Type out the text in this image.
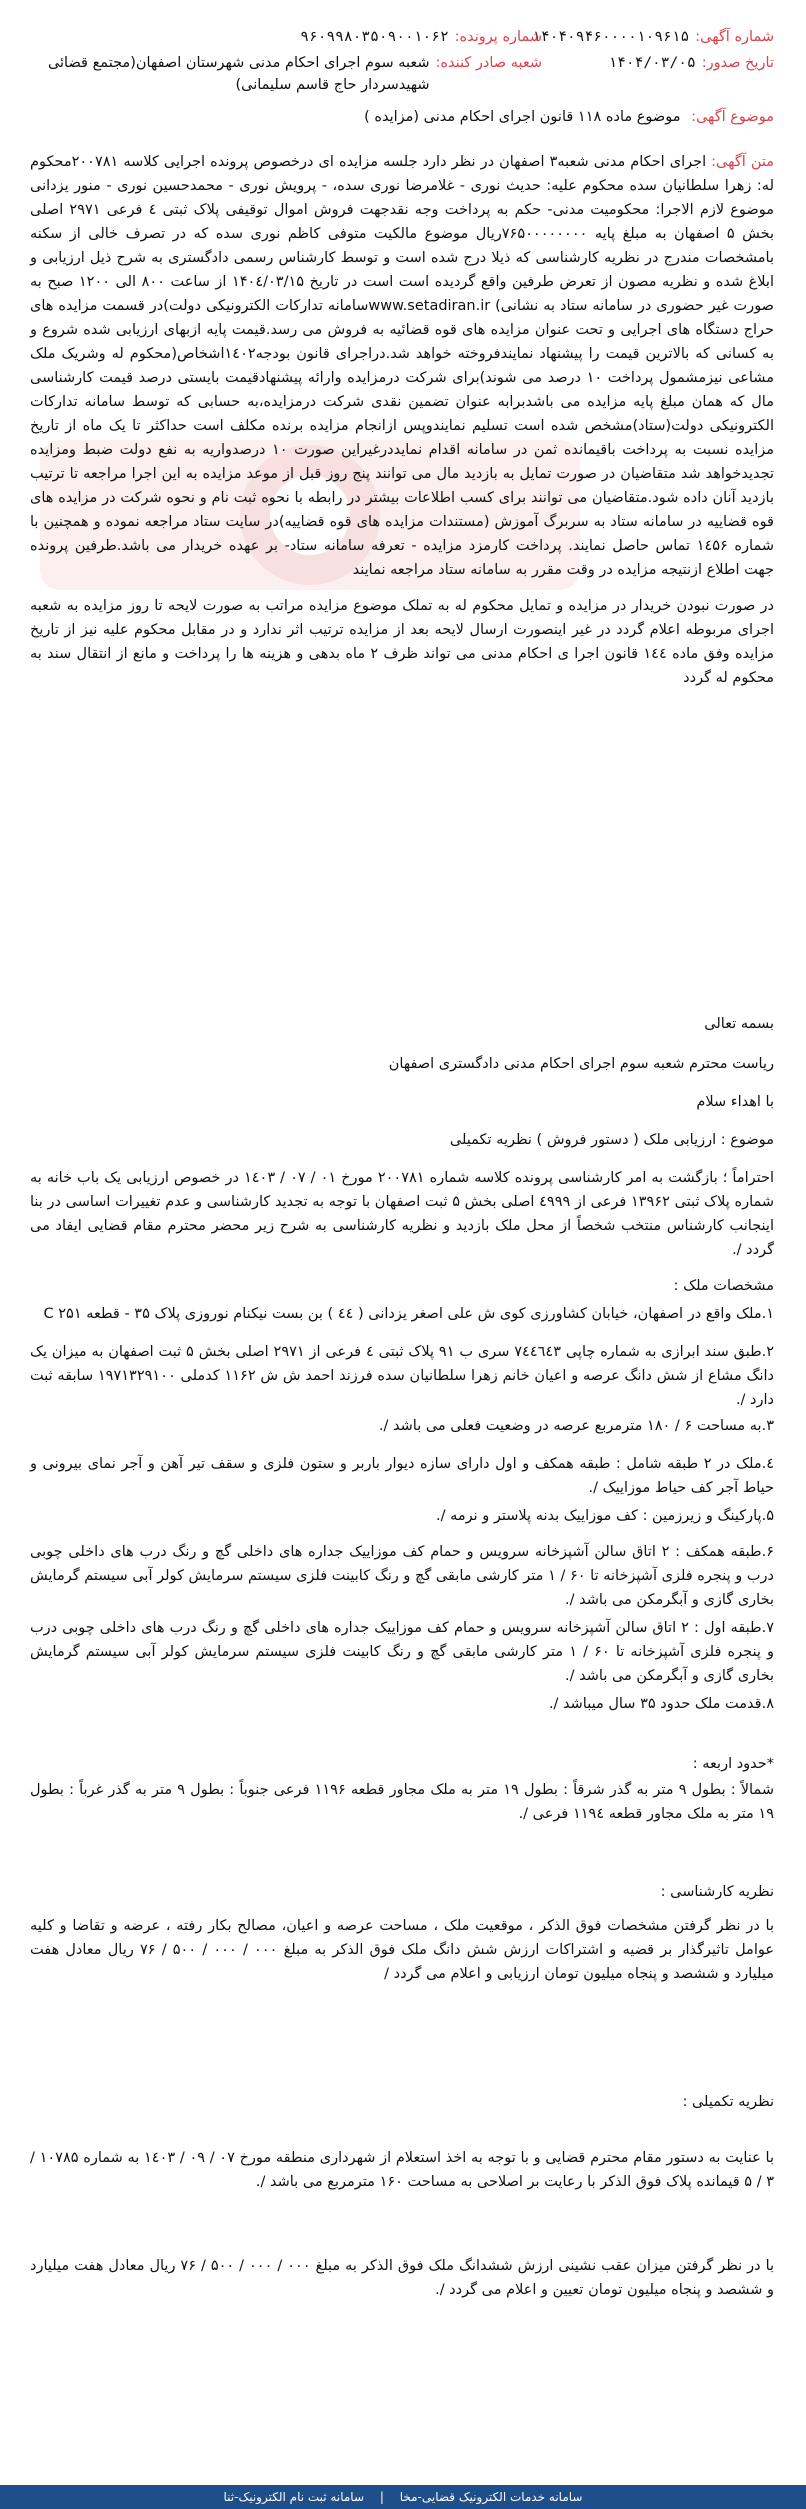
شماره آگهی:
۱۴۰۴۰۹۴۶۰۰۰۰۱۰۹۶۱۵
شماره پرونده:
۹۶۰۹۹۸۰۳۵۰۹۰۰۱۰۶۲
تاریخ صدور:
۱۴۰۴/۰۳/۰۵
شعبه صادر کننده:
شعبه سوم اجرای احکام مدنی شهرستان اصفهان(مجتمع قضائی شهیدسردار حاج قاسم سلیمانی)
موضوع آگهی: موضوع ماده ۱۱۸ قانون اجرای احکام مدنی (مزایده )

متن آگهی: اجرای احکام مدنی شعبه۳ اصفهان در نظر دارد جلسه مزایده ای درخصوص پرونده اجرایی کلاسه ۲۰۰۷۸۱محکوم له: زهرا سلطانیان سده محکوم علیه: حدیث نوری - غلامرضا نوری سده، - پرویش نوری - محمدحسین نوری - منور یزدانی موضوع لازم الاجرا: محکومیت مدنی- حکم به پرداخت وجه نقدجهت فروش اموال توقیفی پلاک ثبتی ٤ فرعی ۲۹۷۱ اصلی بخش ۵ اصفهان به مبلغ پایه ۷۶۵۰۰۰۰۰۰۰۰ریال موضوع مالکیت متوفی کاظم نوری سده که در تصرف خالی از سکنه بامشخصات مندرج در نظریه کارشناسی که ذیلا درج شده است و توسط کارشناس رسمی دادگستری به شرح ذیل ارزیابی و ابلاغ شده و نظریه مصون از تعرض طرفین واقع گردیده است است در تاریخ ۱۴۰٤/۰۳/۱۵ از ساعت ۸۰۰ الی ۱۲۰۰ صبح به صورت غیر حضوری در سامانه ستاد به نشانی) www.setadiran.irسامانه تدارکات الکترونیکی دولت)در قسمت مزایده های حراج دستگاه های اجرایی و تحت عنوان مزایده های قوه قضائیه به فروش می رسد.قیمت پایه ازبهای ارزیابی شده شروع و به کسانی که بالاترین قیمت را پیشنهاد نمایندفروخته خواهد شد.دراجرای قانون بودجه۱٤۰۲اشخاص(محکوم له وشریک ملک مشاعی نیزمشمول پرداخت ۱۰ درصد می شوند)برای شرکت درمزایده وارائه پیشنهادقیمت بایستی درصد قیمت کارشناسی مال که همان مبلغ پایه مزایده می باشدبرابه عنوان تضمین نقدی شرکت درمزایده،به حسابی که توسط سامانه تدارکات الکترونیکی دولت(ستاد)مشخص شده است تسلیم نمایندوپس ازانجام مزایده برنده مکلف است حداکثر تا یک ماه از تاریخ مزایده نسبت به پرداخت باقیمانده ثمن در سامانه اقدام نمایددرغیراین صورت ۱۰ درصدواریه به نفع دولت ضبط ومزایده تجدیدخواهد شد متقاضیان در صورت تمایل به بازدید مال می توانند پنج روز قبل از موعد مزایده به این اجرا مراجعه تا ترتیب بازدید آنان داده شود.متقاضیان می توانند برای کسب اطلاعات بیشتر در رابطه با نحوه ثبت نام و نحوه شرکت در مزایده های قوه قضاییه در سامانه ستاد به سربرگ آموزش (مستندات مزایده های قوه قضاییه)در سایت ستاد مراجعه نموده و همچنین با شماره ۱٤۵۶ تماس حاصل نمایند. پرداخت کارمزد مزایده - تعرفه سامانه ستاد- بر عهده خریدار می باشد.طرفین پرونده جهت اطلاع ازنتیجه مزایده در وقت مقرر به سامانه ستاد مراجعه نمایند

در صورت نبودن خریدار در مزایده و تمایل محکوم له به تملک موضوع مزایده مراتب به صورت لایحه تا روز مزایده به شعبه اجرای مربوطه اعلام گردد در غیر اینصورت ارسال لایحه بعد از مزایده ترتیب اثر ندارد و در مقابل محکوم علیه نیز از تاریخ مزایده وفق ماده ۱٤٤ قانون اجرا ی احکام مدنی می تواند ظرف ۲ ماه بدهی و هزینه ها را پرداخت و مانع از انتقال سند به محکوم له گردد

بسمه تعالی

ریاست محترم شعبه سوم اجرای احکام مدنی دادگستری اصفهان

با اهداء سلام

موضوع : ارزیابی ملک ( دستور فروش ) نظریه تکمیلی

احتراماً ؛ بازگشت به امر کارشناسی پرونده کلاسه شماره ۲۰۰۷۸۱ مورخ ۰۱ / ۰۷ / ۱٤۰۳ در خصوص ارزیابی یک باب خانه به شماره پلاک ثبتی ۱۳۹۶۲ فرعی از ٤۹۹۹ اصلی بخش ۵ ثبت اصفهان با توجه به تجدید کارشناسی و عدم تغییرات اساسی در بنا اینجانب کارشناس منتخب شخصاً از محل ملک بازدید و نظریه کارشناسی به شرح زیر محضر محترم مقام قضایی ایفاد می گردد /.

مشخصات ملک :

۱.ملک واقع در اصفهان، خیابان کشاورزی کوی ش علی اصغر یزدانی ( ٤٤ ) بن بست نیکنام نوروزی پلاک ۳۵ - قطعه C ۲۵۱

۲.طبق سند ابرازی به شماره چاپی ۷٤٤٦٤۳ سری ب ۹۱ پلاک ثبتی ٤ فرعی از ۲۹۷۱ اصلی بخش ۵ ثبت اصفهان به میزان یک دانگ مشاع از شش دانگ عرصه و اعیان خانم زهرا سلطانیان سده فرزند احمد ش ش ۱۱۶۲ کدملی ۱۹۷۱۳۲۹۱۰۰ سابقه ثبت دارد /.

۳.به مساحت ۶ / ۱۸۰ مترمربع عرصه در وضعیت فعلی می باشد /.

٤.ملک در ۲ طبقه شامل : طبقه همکف و اول دارای سازه دیوار باربر و ستون فلزی و سقف تیر آهن و آجر نمای بیرونی و حیاط آجر کف حیاط موزاییک /.

۵.پارکینگ و زیرزمین : کف موزاییک بدنه پلاستر و نرمه /.

۶.طبقه همکف : ۲ اتاق سالن آشپزخانه سرویس و حمام کف موزاییک جداره های داخلی گچ و رنگ درب های داخلی چوبی درب و پنجره فلزی آشپزخانه تا ۶۰ / ۱ متر کارشی مابقی گچ و رنگ کابینت فلزی سیستم سرمایش کولر آبی سیستم گرمایش بخاری گازی و آبگرمکن می باشد /.

۷.طبقه اول : ۲ اتاق سالن آشپزخانه سرویس و حمام کف موزاییک جداره های داخلی گچ و رنگ درب های داخلی چوبی درب و پنجره فلزی آشپزخانه تا ۶۰ / ۱ متر کارشی مابقی گچ و رنگ کابینت فلزی سیستم سرمایش کولر آبی سیستم گرمایش بخاری گازی و آبگرمکن می باشد /.

۸.قدمت ملک حدود ۳۵ سال میباشد /.

*حدود اربعه :

شمالاً : بطول ۹ متر به گذر شرقاً : بطول ۱۹ متر به ملک مجاور قطعه ۱۱۹۶ فرعی جنوباً : بطول ۹ متر به گذر غرباً : بطول ۱۹ متر به ملک مجاور قطعه ۱۱۹٤ فرعی /.

نظریه کارشناسی :

با در نظر گرفتن مشخصات فوق الذکر ، موقعیت ملک ، مساحت عرصه و اعیان، مصالح بکار رفته ، عرضه و تقاضا و کلیه عوامل تاثیرگذار بر قضیه و اشتراکات ارزش شش دانگ ملک فوق الذکر به مبلغ ۰۰۰ / ۰۰۰ / ۵۰۰ / ۷۶ ریال معادل هفت میلیارد و ششصد و پنجاه میلیون تومان ارزیابی و اعلام می گردد /

نظریه تکمیلی :

با عنایت به دستور مقام محترم قضایی و با توجه به اخذ استعلام از شهرداری منطقه مورخ ۰۷ / ۰۹ / ۱٤۰۳ به شماره ۱۰۷۸۵ / ۳ / ۵ قیمانده پلاک فوق الذکر با رعایت بر اصلاحی به مساحت ۱۶۰ مترمربع می باشد /.

با در نظر گرفتن میزان عقب نشینی ارزش ششدانگ ملک فوق الذکر به مبلغ ۰۰۰ / ۰۰۰ / ۵۰۰ / ۷۶ ریال معادل هفت میلیارد و ششصد و پنجاه میلیون تومان تعیین و اعلام می گردد /.

سامانه خدمات الکترونیک قضایی-مخا | سامانه ثبت نام الکترونیک-ثنا
